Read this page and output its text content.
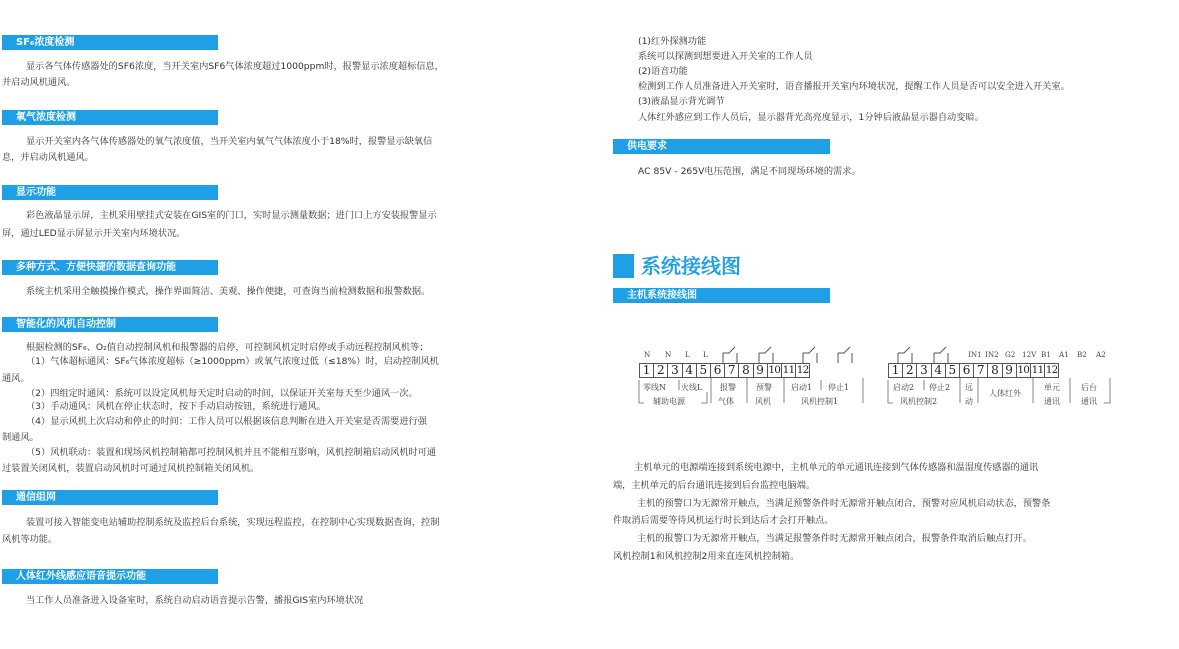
SF₆浓度检测
显示各气体传感器处的SF6浓度，当开关室内SF6气体浓度超过1000ppm时，报警显示浓度超标信息，
并启动风机通风。
氧气浓度检测
显示开关室内各气体传感器处的氧气浓度值，当开关室内氧气气体浓度小于18%时，报警显示缺氧信
息，并启动风机通风。
显示功能
彩色液晶显示屏，主机采用壁挂式安装在GIS室的门口，实时显示测量数据；进门口上方安装报警显示
屏，通过LED显示屏显示开关室内环境状况。
多种方式、方便快捷的数据查询功能
系统主机采用全触摸操作模式，操作界面简洁、美观、操作便捷，可查询当前检测数据和报警数据。
智能化的风机自动控制
根据检测的SF₆、O₂值自动控制风机和报警器的启停，可控制风机定时启停或手动远程控制风机等；
（1）气体超标通风：SF₆气体浓度超标（≥1000ppm）或氧气浓度过低（≤18%）时，启动控制风机
通风。
（2）四组定时通风：系统可以设定风机每天定时启动的时间，以保证开关室每天至少通风一次。
（3）手动通风：风机在停止状态时，按下手动启动按钮，系统进行通风。
（4）显示风机上次启动和停止的时间：工作人员可以根据该信息判断在进入开关室是否需要进行强
制通风。
（5）风机联动：装置和现场风机控制箱都可控制风机并且不能相互影响，风机控制箱启动风机时可通
过装置关闭风机，装置启动风机时可通过风机控制箱关闭风机。
通信组网
装置可接入智能变电站辅助控制系统及监控后台系统，实现远程监控，在控制中心实现数据查询，控制
风机等功能。
人体红外线感应语音提示功能
当工作人员准备进入设备室时，系统自动启动语音提示告警，播报GIS室内环境状况
(1)红外探测功能
系统可以探测到想要进入开关室的工作人员
(2)语音功能
检测到工作人员准备进入开关室时，语音播报开关室内环境状况，提醒工作人员是否可以安全进入开关室。
(3)液晶显示背光调节
人体红外感应到工作人员后，显示器背光高亮度显示，1分钟后液晶显示器自动变暗。
供电要求
AC 85V - 265V电压范围，满足不同现场环境的需求。
系统接线图
主机系统接线图
N N L L
1 2 3 4 5 6 7 8 9 10 11 12
零线N 火线L 报警	预警 启动1 停止1
辅助电源	气体	风机	风机控制1
IN1 IN2 G2 12V B1 A1 B2 A2
1 2 3 4 5 6 7 8 9 10 11 12
启动2 停止2 远
人体红外
单元	后台
风机控制2	动	通讯	通讯
主机单元的电源端连接到系统电源中，主机单元的单元通讯连接到气体传感器和温湿度传感器的通讯
端，主机单元的后台通讯连接到后台监控电脑端。
主机的预警口为无源常开触点，当满足预警条件时无源常开触点闭合，预警对应风机启动状态，预警条
件取消后需要等待风机运行时长到达后才会打开触点。
主机的报警口为无源常开触点，当满足报警条件时无源常开触点闭合，报警条件取消后触点打开。
风机控制1和风机控制2用来直连风机控制箱。
